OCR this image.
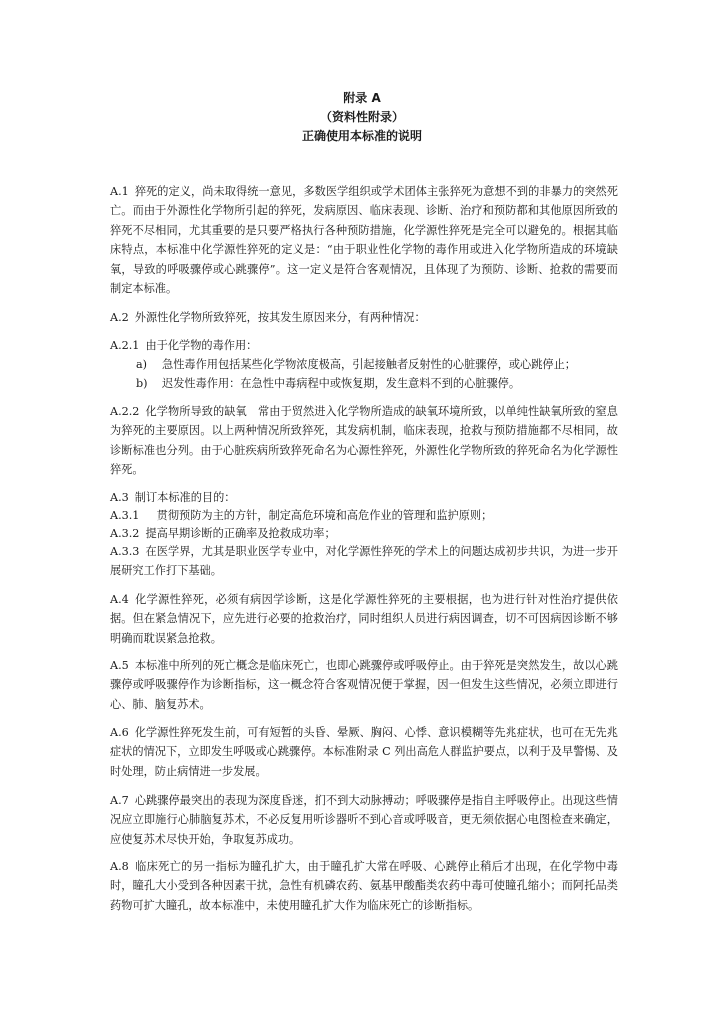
附录 A
（资料性附录）
正确使用本标准的说明
A.1 猝死的定义，尚未取得统一意见，多数医学组织或学术团体主张猝死为意想不到的非暴力的突然死亡。而由于外源性化学物所引起的猝死，发病原因、临床表现、诊断、治疗和预防都和其他原因所致的猝死不尽相同，尤其重要的是只要严格执行各种预防措施，化学源性猝死是完全可以避免的。根据其临床特点，本标准中化学源性猝死的定义是：“由于职业性化学物的毒作用或进入化学物所造成的环境缺氧，导致的呼吸骤停或心跳骤停”。这一定义是符合客观情况，且体现了为预防、诊断、抢救的需要而制定本标准。
A.2 外源性化学物所致猝死，按其发生原因来分，有两种情况：
A.2.1 由于化学物的毒作用：
a) 急性毒作用包括某些化学物浓度极高，引起接触者反射性的心脏骤停，或心跳停止；
b) 迟发性毒作用：在急性中毒病程中或恢复期，发生意料不到的心脏骤停。
A.2.2 化学物所导致的缺氧　常由于贸然进入化学物所造成的缺氧环境所致，以单纯性缺氧所致的窒息为猝死的主要原因。以上两种情况所致猝死，其发病机制，临床表现，抢救与预防措施都不尽相同，故诊断标准也分列。由于心脏疾病所致猝死命名为心源性猝死，外源性化学物所致的猝死命名为化学源性猝死。
A.3 制订本标准的目的：
A.3.1　贯彻预防为主的方针，制定高危环境和高危作业的管理和监护原则；
A.3.2 提高早期诊断的正确率及抢救成功率；
A.3.3 在医学界，尤其是职业医学专业中，对化学源性猝死的学术上的问题达成初步共识，为进一步开展研究工作打下基础。
A.4 化学源性猝死，必须有病因学诊断，这是化学源性猝死的主要根据，也为进行针对性治疗提供依据。但在紧急情况下，应先进行必要的抢救治疗，同时组织人员进行病因调查，切不可因病因诊断不够明确而耽误紧急抢救。
A.5 本标准中所列的死亡概念是临床死亡，也即心跳骤停或呼吸停止。由于猝死是突然发生，故以心跳骤停或呼吸骤停作为诊断指标，这一概念符合客观情况便于掌握，因一但发生这些情况，必须立即进行心、肺、脑复苏术。
A.6 化学源性猝死发生前，可有短暂的头昏、晕厥、胸闷、心悸、意识模糊等先兆症状，也可在无先兆症状的情况下，立即发生呼吸或心跳骤停。本标准附录 C 列出高危人群监护要点，以利于及早警惕、及时处理，防止病情进一步发展。
A.7 心跳骤停最突出的表现为深度昏迷，扪不到大动脉搏动；呼吸骤停是指自主呼吸停止。出现这些情况应立即施行心肺脑复苏术，不必反复用听诊器听不到心音或呼吸音，更无须依据心电图检查来确定，应使复苏术尽快开始，争取复苏成功。
A.8 临床死亡的另一指标为瞳孔扩大，由于瞳孔扩大常在呼吸、心跳停止稍后才出现，在化学物中毒时，瞳孔大小受到各种因素干扰，急性有机磷农药、氨基甲酸酯类农药中毒可使瞳孔缩小；而阿托品类药物可扩大瞳孔，故本标准中，未使用瞳孔扩大作为临床死亡的诊断指标。
